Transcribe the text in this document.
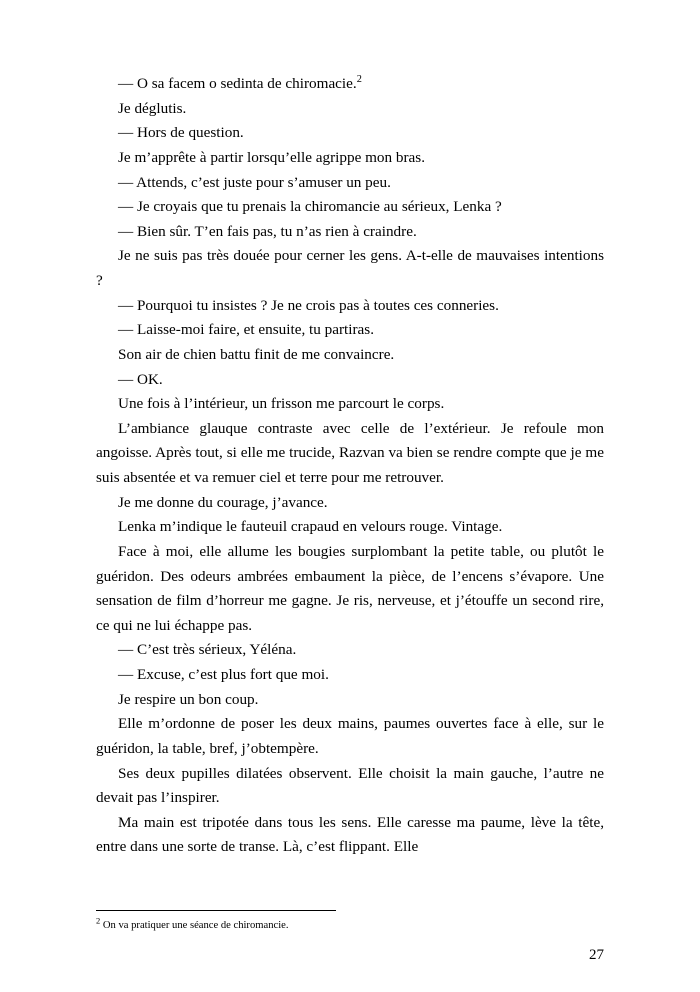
— O sa facem o sedinta de chiromacie.$^2$

Je déglutis.

— Hors de question.

Je m’apprête à partir lorsqu’elle agrippe mon bras.

— Attends, c’est juste pour s’amuser un peu.

— Je croyais que tu prenais la chiromancie au sérieux, Lenka ?

— Bien sûr. T’en fais pas, tu n’as rien à craindre.

Je ne suis pas très douée pour cerner les gens. A-t-elle de mauvaises intentions ?

— Pourquoi tu insistes ? Je ne crois pas à toutes ces conneries.

— Laisse-moi faire, et ensuite, tu partiras.

Son air de chien battu finit de me convaincre.

— OK.

Une fois à l’intérieur, un frisson me parcourt le corps.

L’ambiance glauque contraste avec celle de l’extérieur. Je refoule mon angoisse. Après tout, si elle me trucide, Razvan va bien se rendre compte que je me suis absentée et va remuer ciel et terre pour me retrouver.

Je me donne du courage, j’avance.

Lenka m’indique le fauteuil crapaud en velours rouge. Vintage.

Face à moi, elle allume les bougies surplombant la petite table, ou plutôt le guéridon. Des odeurs ambrées embaument la pièce, de l’encens s’évapore. Une sensation de film d’horreur me gagne. Je ris, nerveuse, et j’étouffe un second rire, ce qui ne lui échappe pas.

— C’est très sérieux, Yéléna.

— Excuse, c’est plus fort que moi.

Je respire un bon coup.

Elle m’ordonne de poser les deux mains, paumes ouvertes face à elle, sur le guéridon, la table, bref, j’obtempère.

Ses deux pupilles dilatées observent. Elle choisit la main gauche, l’autre ne devait pas l’inspirer.

Ma main est tripotée dans tous les sens. Elle caresse ma paume, lève la tête, entre dans une sorte de transe. Là, c’est flippant. Elle

$^2$ On va pratiquer une séance de chiromancie.

27
